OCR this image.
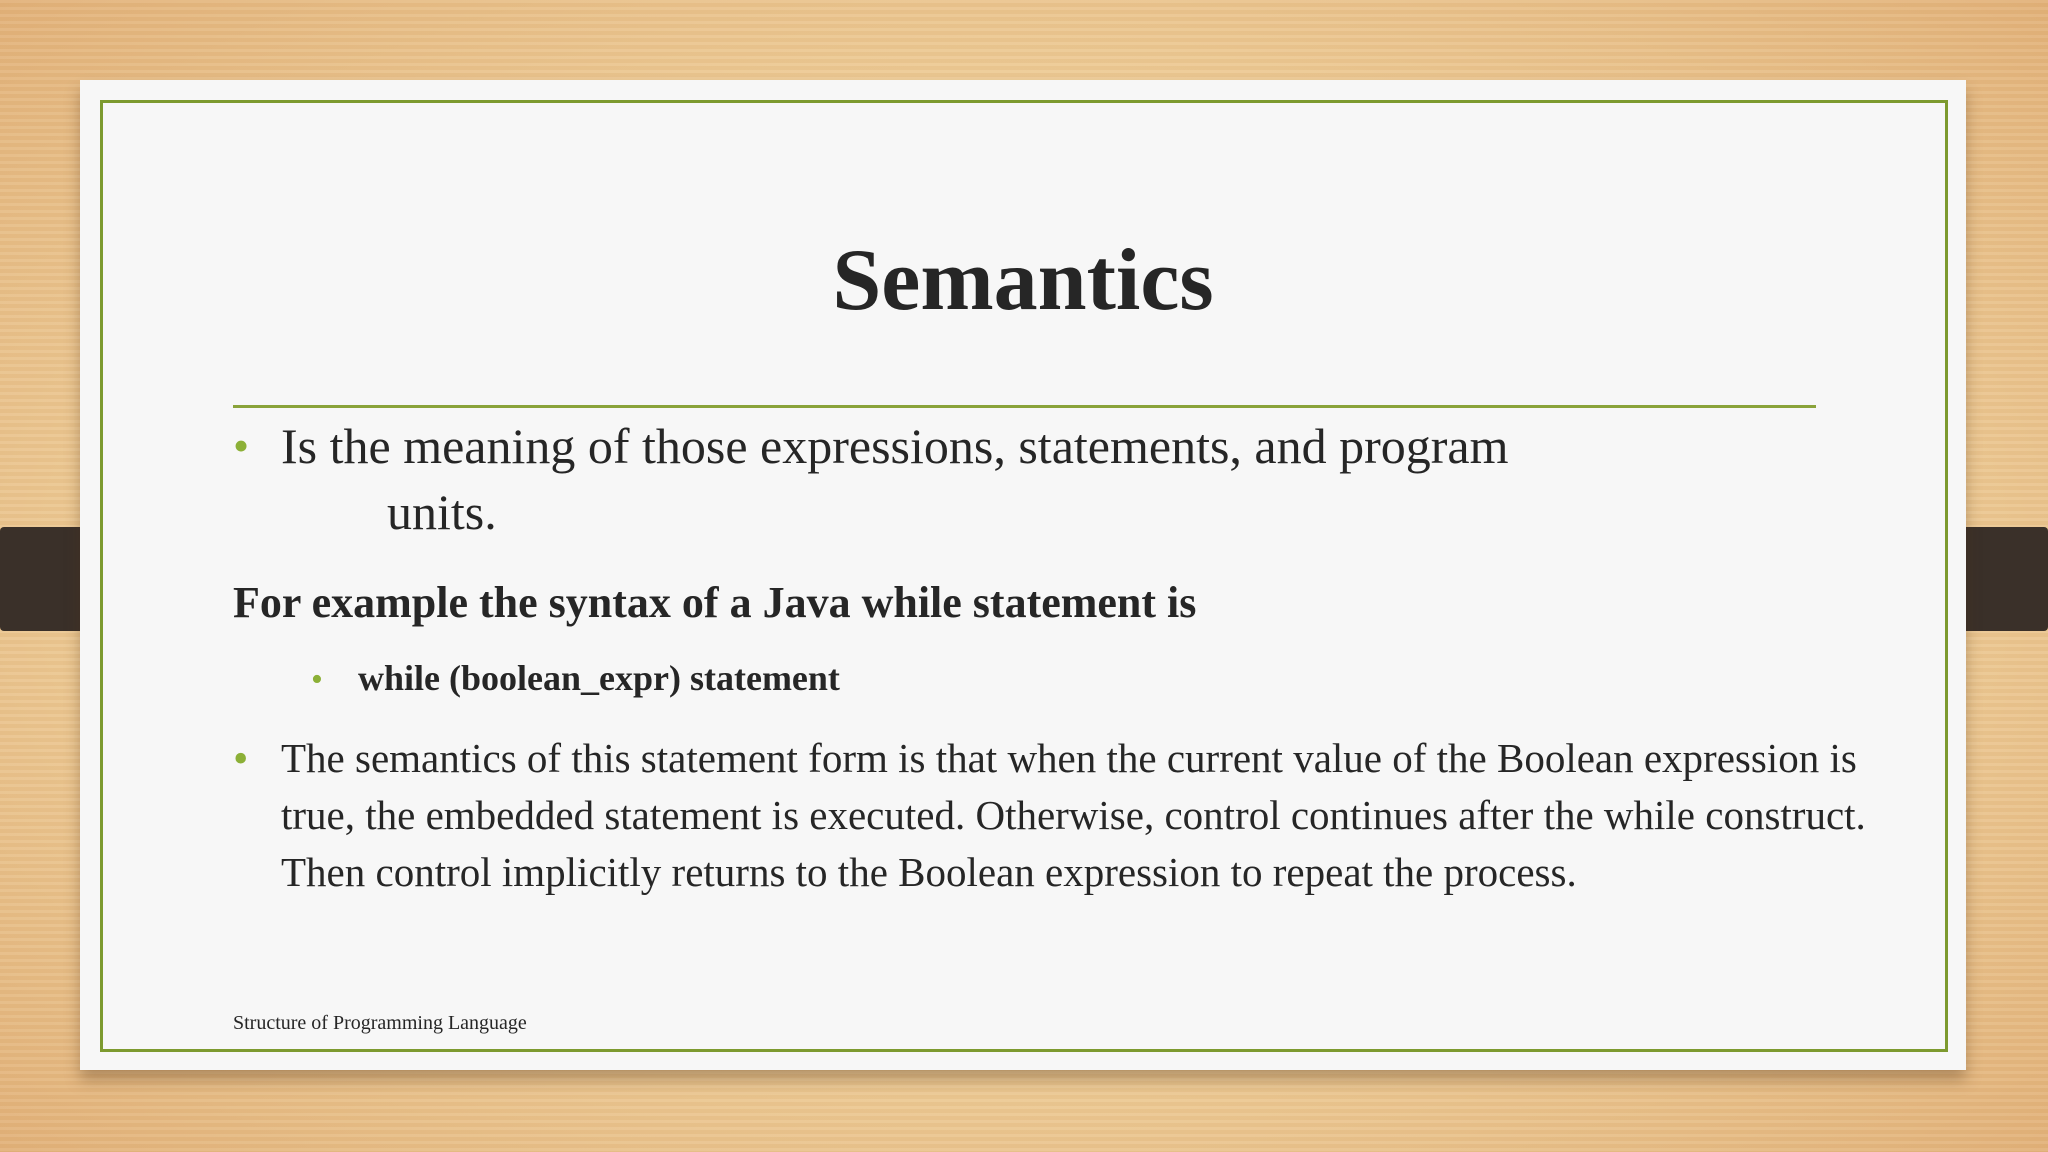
Semantics
• Is the meaning of those expressions, statements, and program
units.
For example the syntax of a Java while statement is
• while (boolean_expr) statement
• The semantics of this statement form is that when the current value of the Boolean expression is true, the embedded statement is executed. Otherwise, control continues after the while construct. Then control implicitly returns to the Boolean expression to repeat the process.
Structure of Programming Language
